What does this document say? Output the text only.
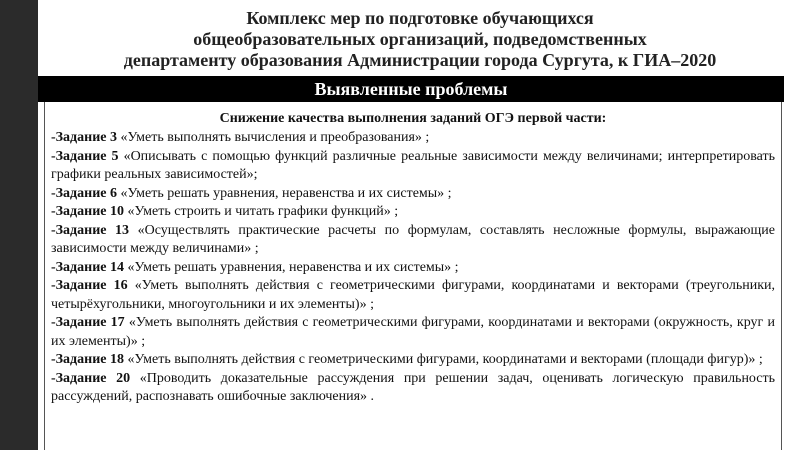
Комплекс мер по подготовке обучающихся
общеобразовательных организаций, подведомственных
департаменту образования Администрации города Сургута, к ГИА–2020
Выявленные проблемы
Снижение качества выполнения заданий ОГЭ первой части:
-Задание 3 «Уметь выполнять вычисления и преобразования» ;
-Задание 5 «Описывать с помощью функций различные реальные зависимости между величинами; интерпретировать графики реальных зависимостей»;
-Задание 6 «Уметь решать уравнения, неравенства и их системы» ;
-Задание 10 «Уметь строить и читать графики функций» ;
-Задание 13 «Осуществлять практические расчеты по формулам, составлять несложные формулы, выражающие зависимости между величинами» ;
-Задание 14 «Уметь решать уравнения, неравенства и их системы» ;
-Задание 16 «Уметь выполнять действия с геометрическими фигурами, координатами и векторами (треугольники, четырёхугольники, многоугольники и их элементы)» ;
-Задание 17 «Уметь выполнять действия с геометрическими фигурами, координатами и векторами (окружность, круг и их элементы)» ;
-Задание 18 «Уметь выполнять действия с геометрическими фигурами, координатами и векторами (площади фигур)» ;
-Задание 20 «Проводить доказательные рассуждения при решении задач, оценивать логическую правильность рассуждений, распознавать ошибочные заключения» .
